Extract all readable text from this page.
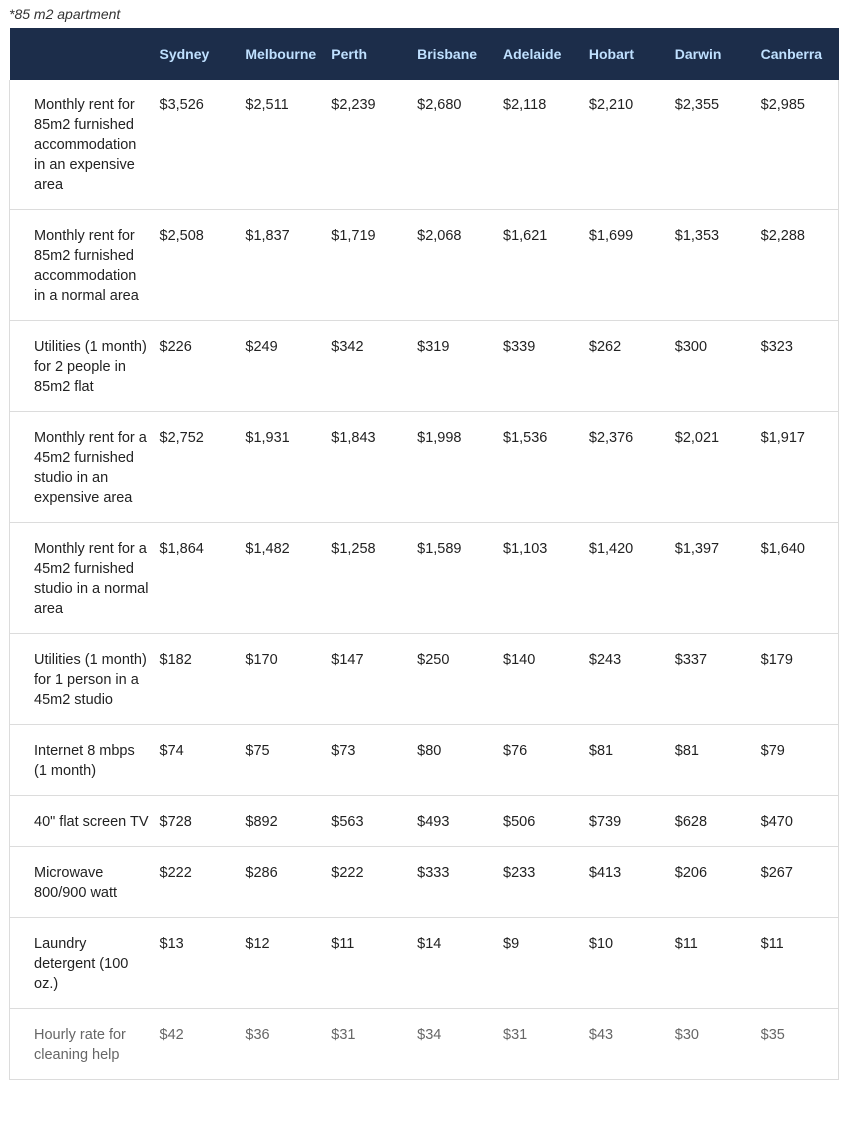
*85 m2 apartment
	Sydney	Melbourne	Perth	Brisbane	Adelaide	Hobart	Darwin	Canberra
Monthly rent for 85m2 furnished accommodation in an expensive area	$3,526	$2,511	$2,239	$2,680	$2,118	$2,210	$2,355	$2,985
Monthly rent for 85m2 furnished accommodation in a normal area	$2,508	$1,837	$1,719	$2,068	$1,621	$1,699	$1,353	$2,288
Utilities (1 month) for 2 people in 85m2 flat	$226	$249	$342	$319	$339	$262	$300	$323
Monthly rent for a 45m2 furnished studio in an expensive area	$2,752	$1,931	$1,843	$1,998	$1,536	$2,376	$2,021	$1,917
Monthly rent for a 45m2 furnished studio in a normal area	$1,864	$1,482	$1,258	$1,589	$1,103	$1,420	$1,397	$1,640
Utilities (1 month) for 1 person in a 45m2 studio	$182	$170	$147	$250	$140	$243	$337	$179
Internet 8 mbps (1 month)	$74	$75	$73	$80	$76	$81	$81	$79
40" flat screen TV	$728	$892	$563	$493	$506	$739	$628	$470
Microwave 800/900 watt	$222	$286	$222	$333	$233	$413	$206	$267
Laundry detergent (100 oz.)	$13	$12	$11	$14	$9	$10	$11	$11
Hourly rate for cleaning help	$42	$36	$31	$34	$31	$43	$30	$35
